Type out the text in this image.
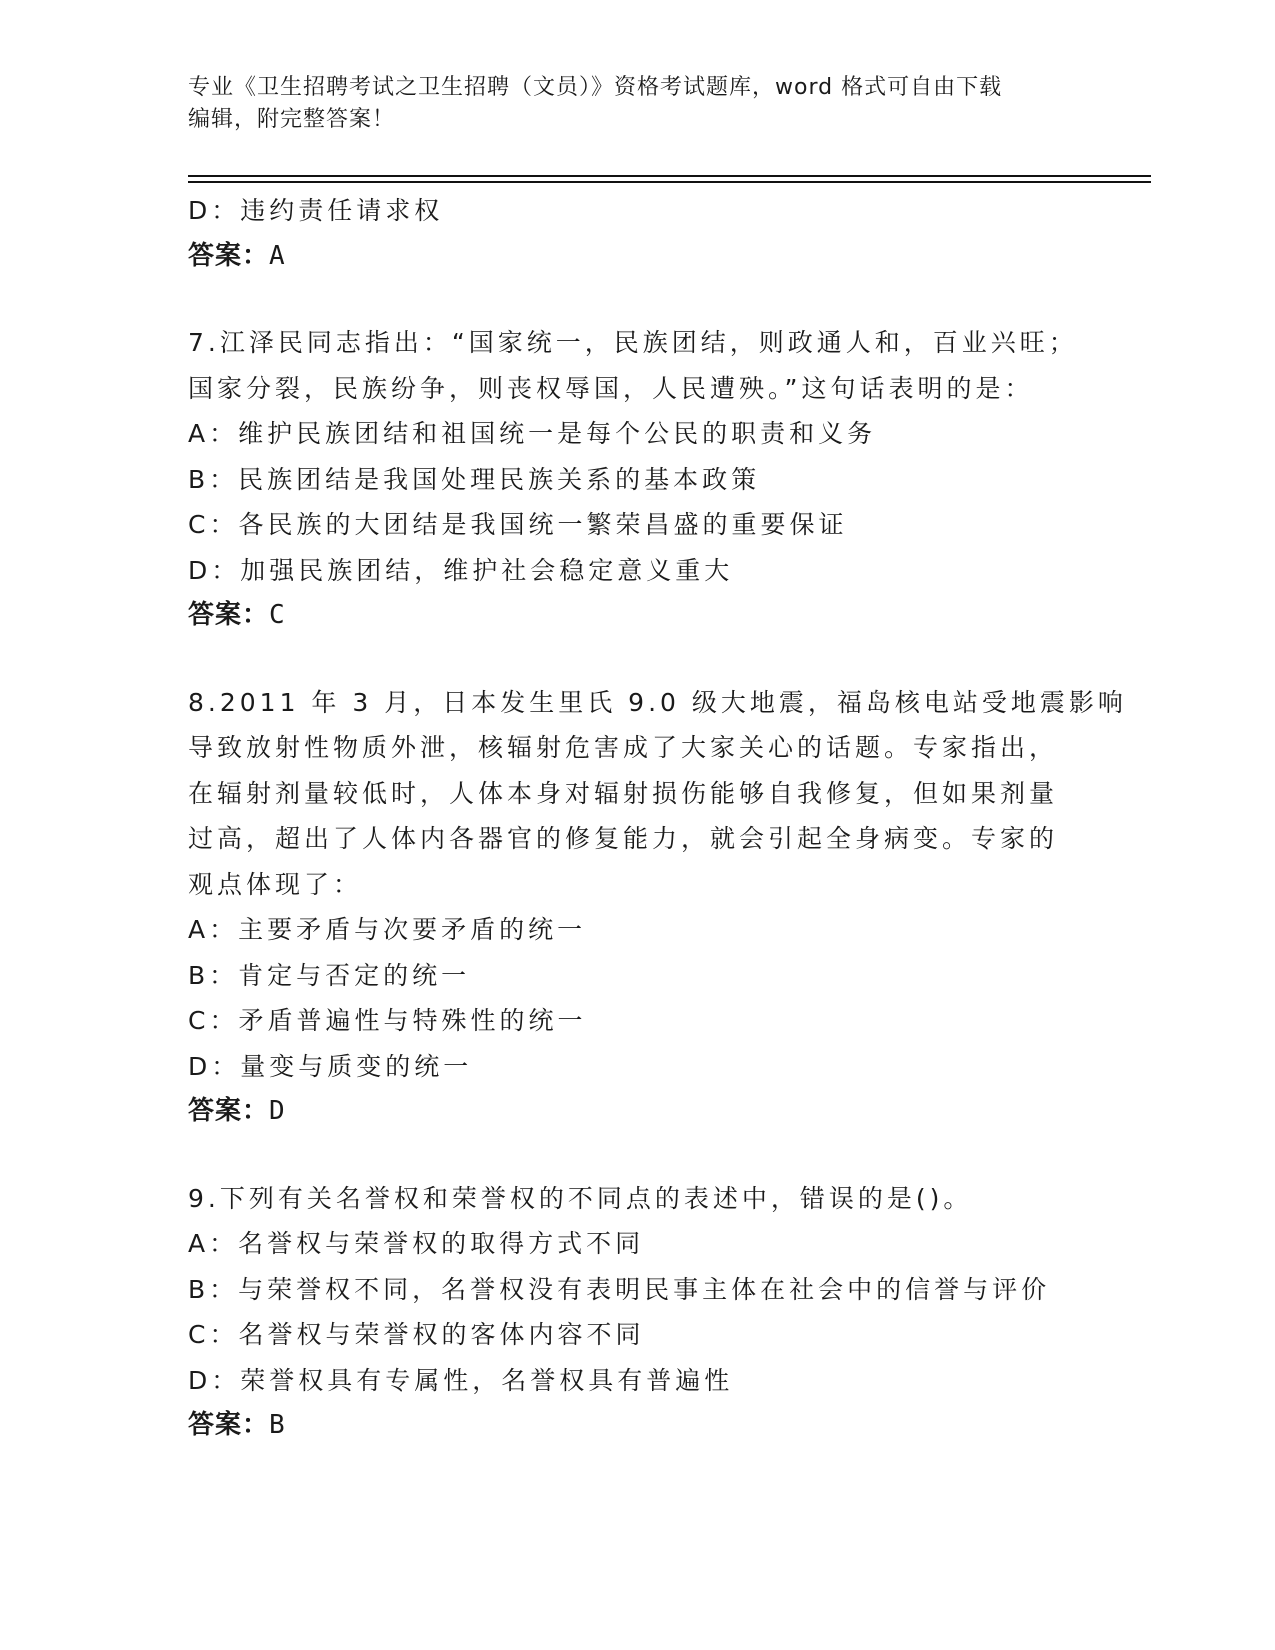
专业《卫生招聘考试之卫生招聘（文员）》资格考试题库，word 格式可自由下载
编辑，附完整答案！
D：违约责任请求权
答案：A
7.江泽民同志指出：“国家统一，民族团结，则政通人和，百业兴旺；
国家分裂，民族纷争，则丧权辱国，人民遭殃。”这句话表明的是：
A：维护民族团结和祖国统一是每个公民的职责和义务
B：民族团结是我国处理民族关系的基本政策
C：各民族的大团结是我国统一繁荣昌盛的重要保证
D：加强民族团结，维护社会稳定意义重大
答案：C
8.2011 年 3 月，日本发生里氏 9.0 级大地震，福岛核电站受地震影响
导致放射性物质外泄，核辐射危害成了大家关心的话题。专家指出，
在辐射剂量较低时，人体本身对辐射损伤能够自我修复，但如果剂量
过高，超出了人体内各器官的修复能力，就会引起全身病变。专家的
观点体现了：
A：主要矛盾与次要矛盾的统一
B：肯定与否定的统一
C：矛盾普遍性与特殊性的统一
D：量变与质变的统一
答案：D
9.下列有关名誉权和荣誉权的不同点的表述中，错误的是()。
A：名誉权与荣誉权的取得方式不同
B：与荣誉权不同，名誉权没有表明民事主体在社会中的信誉与评价
C：名誉权与荣誉权的客体内容不同
D：荣誉权具有专属性，名誉权具有普遍性
答案：B
